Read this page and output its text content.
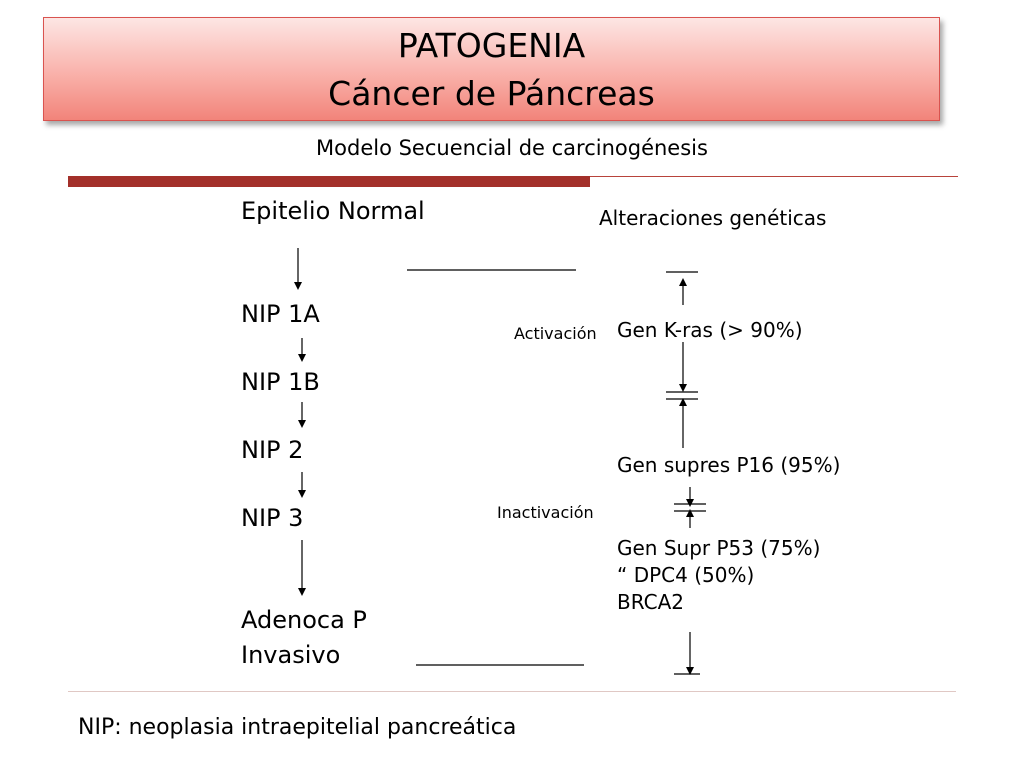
PATOGENIA
Cáncer de Páncreas
Modelo Secuencial de carcinogénesis
Epitelio Normal
NIP 1A
NIP 1B
NIP 2
NIP 3
Adenoca P
Invasivo
Alteraciones genéticas
Activación Gen K-ras (> 90%)
Gen supres P16 (95%)
Inactivación
Gen Supr P53 (75%)
“ DPC4 (50%)
BRCA2
NIP: neoplasia intraepitelial pancreática
